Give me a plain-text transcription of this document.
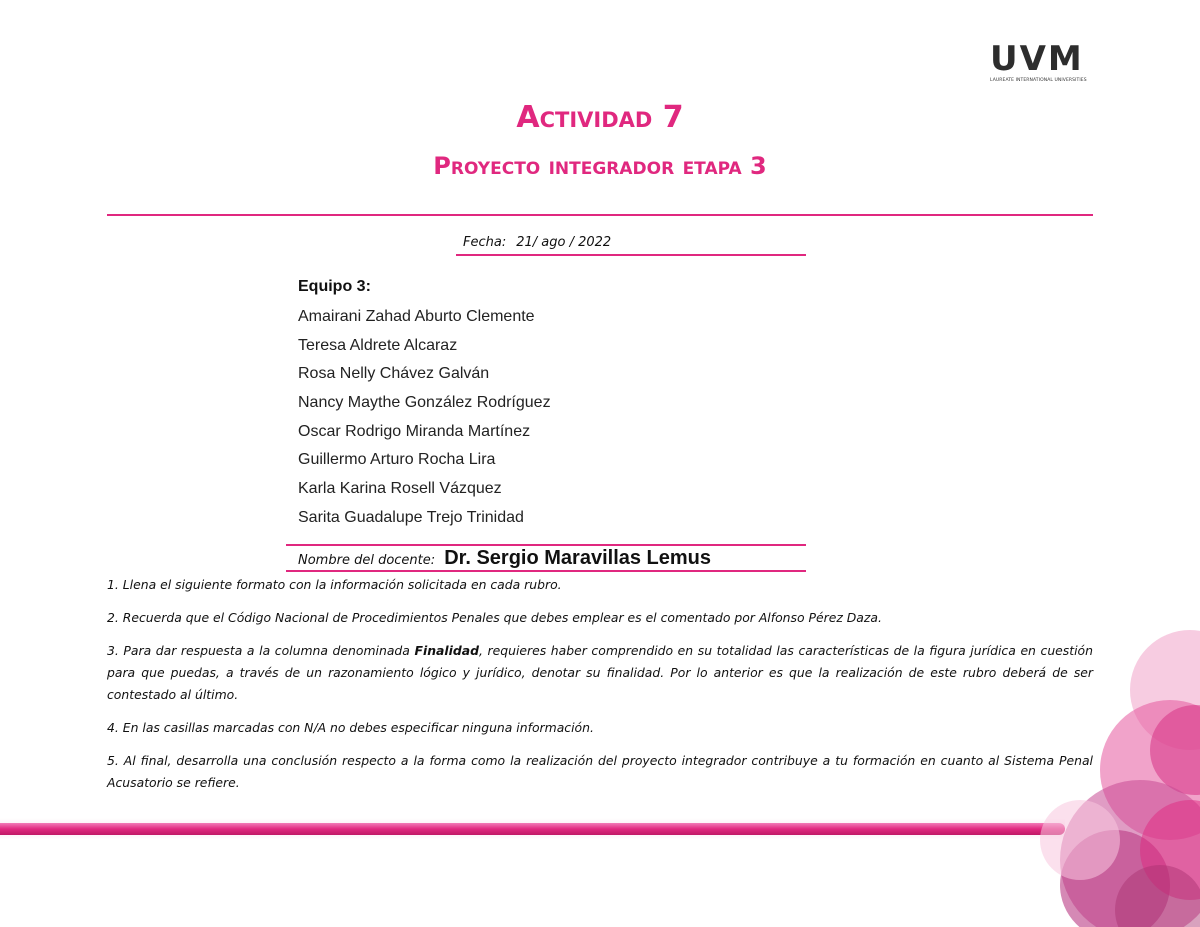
UVM
LAUREATE INTERNATIONAL UNIVERSITIES
Actividad 7
Proyecto integrador etapa 3
Fecha: 21/ ago / 2022
Equipo 3:
Amairani Zahad Aburto Clemente
Teresa Aldrete Alcaraz
Rosa Nelly Chávez Galván
Nancy Maythe González Rodríguez
Oscar Rodrigo Miranda Martínez
Guillermo Arturo Rocha Lira
Karla Karina Rosell Vázquez
Sarita Guadalupe Trejo Trinidad
Nombre del docente: Dr. Sergio Maravillas Lemus

1. Llena el siguiente formato con la información solicitada en cada rubro.

2. Recuerda que el Código Nacional de Procedimientos Penales que debes emplear es el comentado por Alfonso Pérez Daza.

3. Para dar respuesta a la columna denominada Finalidad, requieres haber comprendido en su totalidad las características de la figura jurídica en cuestión para que puedas, a través de un razonamiento lógico y jurídico, denotar su finalidad. Por lo anterior es que la realización de este rubro deberá de ser contestado al último.

4. En las casillas marcadas con N/A no debes especificar ninguna información.

5. Al final, desarrolla una conclusión respecto a la forma como la realización del proyecto integrador contribuye a tu formación en cuanto al Sistema Penal Acusatorio se refiere.
